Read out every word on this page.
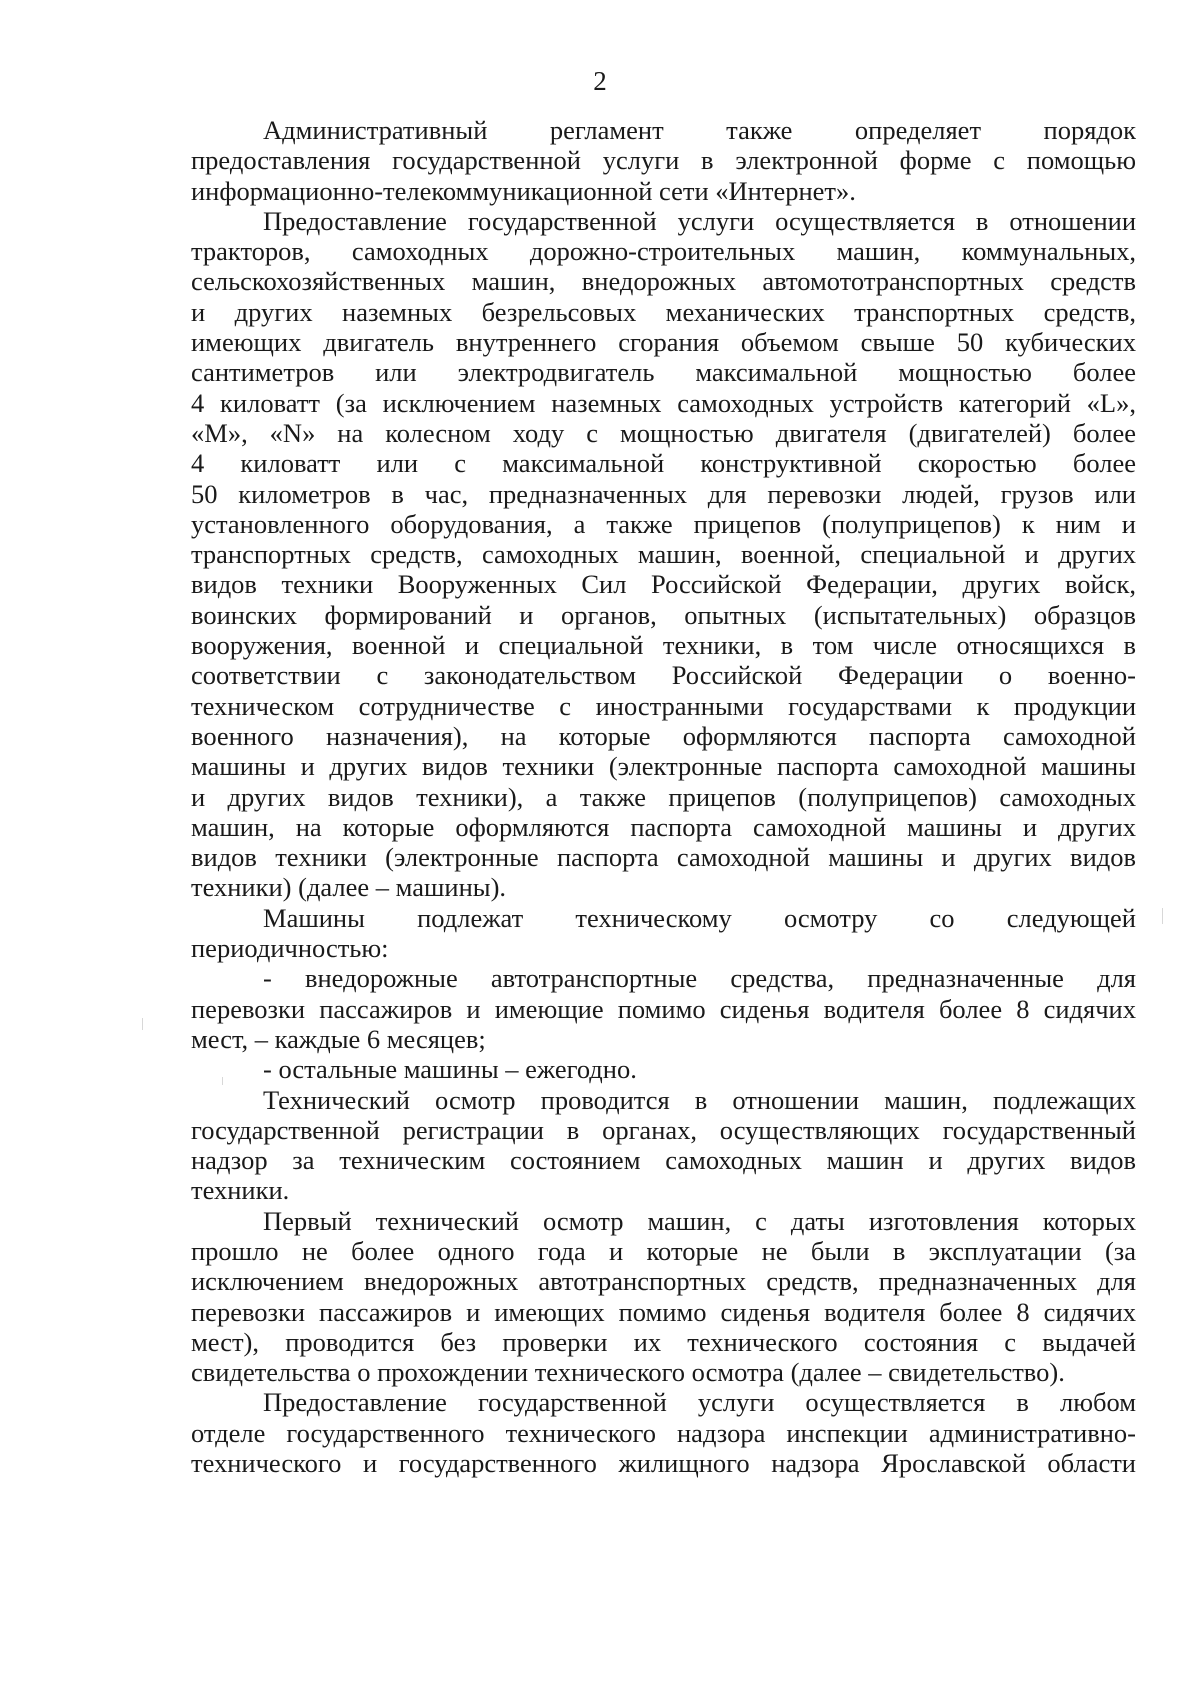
2
Административный регламент также определяет порядок
предоставления государственной услуги в электронной форме с помощью
информационно-телекоммуникационной сети «Интернет».
Предоставление государственной услуги осуществляется в отношении
тракторов, самоходных дорожно-строительных машин, коммунальных,
сельскохозяйственных машин, внедорожных автомототранспортных средств
и других наземных безрельсовых механических транспортных средств,
имеющих двигатель внутреннего сгорания объемом свыше 50 кубических
сантиметров или электродвигатель максимальной мощностью более
4 киловатт (за исключением наземных самоходных устройств категорий «L»,
«M», «N» на колесном ходу с мощностью двигателя (двигателей) более
4 киловатт или с максимальной конструктивной скоростью более
50 километров в час, предназначенных для перевозки людей, грузов или
установленного оборудования, а также прицепов (полуприцепов) к ним и
транспортных средств, самоходных машин, военной, специальной и других
видов техники Вооруженных Сил Российской Федерации, других войск,
воинских формирований и органов, опытных (испытательных) образцов
вооружения, военной и специальной техники, в том числе относящихся в
соответствии с законодательством Российской Федерации о военно-
техническом сотрудничестве с иностранными государствами к продукции
военного назначения), на которые оформляются паспорта самоходной
машины и других видов техники (электронные паспорта самоходной машины
и других видов техники), а также прицепов (полуприцепов) самоходных
машин, на которые оформляются паспорта самоходной машины и других
видов техники (электронные паспорта самоходной машины и других видов
техники) (далее – машины).
Машины подлежат техническому осмотру со следующей
периодичностью:
- внедорожные автотранспортные средства, предназначенные для
перевозки пассажиров и имеющие помимо сиденья водителя более 8 сидячих
мест, – каждые 6 месяцев;
- остальные машины – ежегодно.
Технический осмотр проводится в отношении машин, подлежащих
государственной регистрации в органах, осуществляющих государственный
надзор за техническим состоянием самоходных машин и других видов
техники.
Первый технический осмотр машин, с даты изготовления которых
прошло не более одного года и которые не были в эксплуатации (за
исключением внедорожных автотранспортных средств, предназначенных для
перевозки пассажиров и имеющих помимо сиденья водителя более 8 сидячих
мест), проводится без проверки их технического состояния с выдачей
свидетельства о прохождении технического осмотра (далее – свидетельство).
Предоставление государственной услуги осуществляется в любом
отделе государственного технического надзора инспекции административно-
технического и государственного жилищного надзора Ярославской области
